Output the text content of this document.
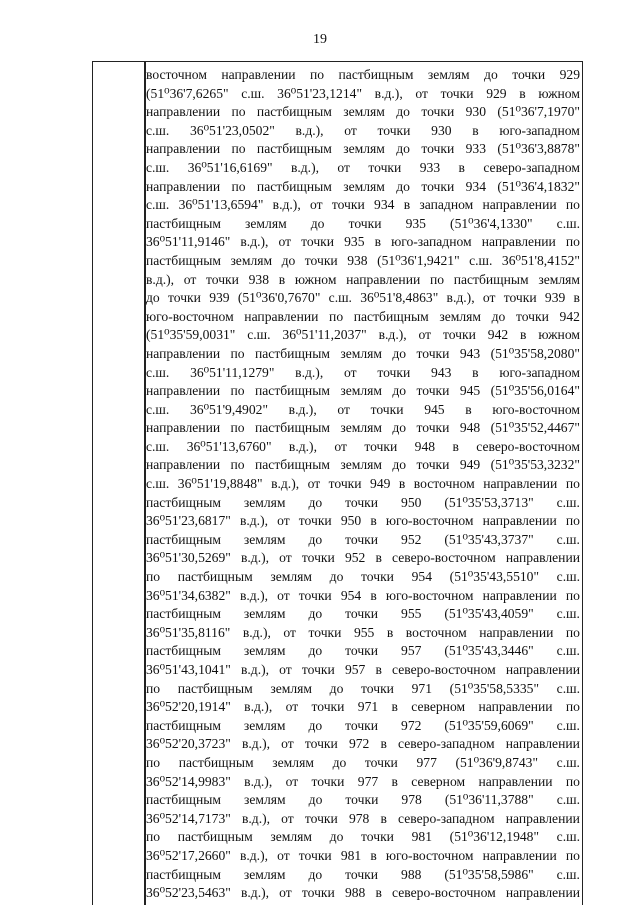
19
восточном направлении по пастбищным землям до точки 929
(51⁰36'7,6265" с.ш. 36⁰51'23,1214" в.д.), от точки 929 в южном
направлении по пастбищным землям до точки 930 (51⁰36'7,1970"
с.ш. 36⁰51'23,0502" в.д.), от точки 930 в юго-западном
направлении по пастбищным землям до точки 933 (51⁰36'3,8878"
с.ш. 36⁰51'16,6169" в.д.), от точки 933 в северо-западном
направлении по пастбищным землям до точки 934 (51⁰36'4,1832"
с.ш. 36⁰51'13,6594" в.д.), от точки 934 в западном направлении по
пастбищным землям до точки 935 (51⁰36'4,1330" с.ш.
36⁰51'11,9146" в.д.), от точки 935 в юго-западном направлении по
пастбищным землям до точки 938 (51⁰36'1,9421" с.ш. 36⁰51'8,4152"
в.д.), от точки 938 в южном направлении по пастбищным землям
до точки 939 (51⁰36'0,7670" с.ш. 36⁰51'8,4863" в.д.), от точки 939 в
юго-восточном направлении по пастбищным землям до точки 942
(51⁰35'59,0031" с.ш. 36⁰51'11,2037" в.д.), от точки 942 в южном
направлении по пастбищным землям до точки 943 (51⁰35'58,2080"
с.ш. 36⁰51'11,1279" в.д.), от точки 943 в юго-западном
направлении по пастбищным землям до точки 945 (51⁰35'56,0164"
с.ш. 36⁰51'9,4902" в.д.), от точки 945 в юго-восточном
направлении по пастбищным землям до точки 948 (51⁰35'52,4467"
с.ш. 36⁰51'13,6760" в.д.), от точки 948 в северо-восточном
направлении по пастбищным землям до точки 949 (51⁰35'53,3232"
с.ш. 36⁰51'19,8848" в.д.), от точки 949 в восточном направлении по
пастбищным землям до точки 950 (51⁰35'53,3713" с.ш.
36⁰51'23,6817" в.д.), от точки 950 в юго-восточном направлении по
пастбищным землям до точки 952 (51⁰35'43,3737" с.ш.
36⁰51'30,5269" в.д.), от точки 952 в северо-восточном направлении
по пастбищным землям до точки 954 (51⁰35'43,5510" с.ш.
36⁰51'34,6382" в.д.), от точки 954 в юго-восточном направлении по
пастбищным землям до точки 955 (51⁰35'43,4059" с.ш.
36⁰51'35,8116" в.д.), от точки 955 в восточном направлении по
пастбищным землям до точки 957 (51⁰35'43,3446" с.ш.
36⁰51'43,1041" в.д.), от точки 957 в северо-восточном направлении
по пастбищным землям до точки 971 (51⁰35'58,5335" с.ш.
36⁰52'20,1914" в.д.), от точки 971 в северном направлении по
пастбищным землям до точки 972 (51⁰35'59,6069" с.ш.
36⁰52'20,3723" в.д.), от точки 972 в северо-западном направлении
по пастбищным землям до точки 977 (51⁰36'9,8743" с.ш.
36⁰52'14,9983" в.д.), от точки 977 в северном направлении по
пастбищным землям до точки 978 (51⁰36'11,3788" с.ш.
36⁰52'14,7173" в.д.), от точки 978 в северо-западном направлении
по пастбищным землям до точки 981 (51⁰36'12,1948" с.ш.
36⁰52'17,2660" в.д.), от точки 981 в юго-восточном направлении по
пастбищным землям до точки 988 (51⁰35'58,5986" с.ш.
36⁰52'23,5463" в.д.), от точки 988 в северо-восточном направлении
